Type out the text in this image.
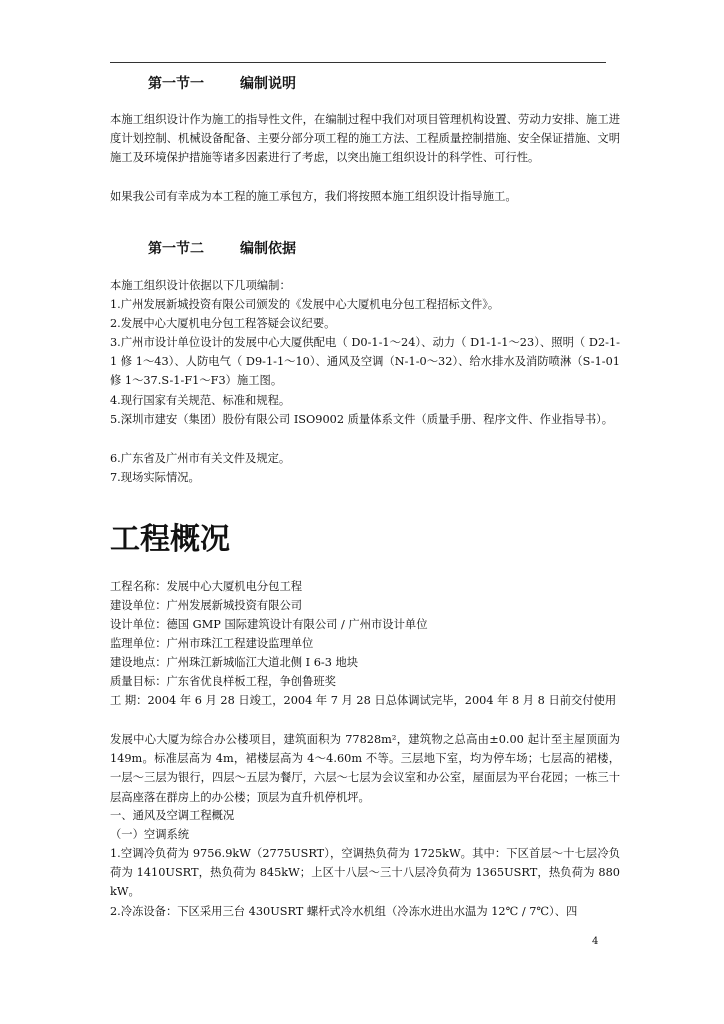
第一节一	编制说明
本施工组织设计作为施工的指导性文件，在编制过程中我们对项目管理机构设置、劳动力安排、施工进度计划控制、机械设备配备、主要分部分项工程的施工方法、工程质量控制措施、安全保证措施、文明施工及环境保护措施等诸多因素进行了考虑，以突出施工组织设计的科学性、可行性。
如果我公司有幸成为本工程的施工承包方，我们将按照本施工组织设计指导施工。
第一节二	编制依据
本施工组织设计依据以下几项编制：
1.广州发展新城投资有限公司颁发的《发展中心大厦机电分包工程招标文件》。
2.发展中心大厦机电分包工程答疑会议纪要。
3.广州市设计单位设计的发展中心大厦供配电（ D0-1-1～24）、动力（ D1-1-1～23）、照明（ D2-1-1 修 1～43）、人防电气（ D9-1-1～10）、通风及空调（N-1-0～32）、给水排水及消防喷淋（S-1-01 修 1～37.S-1-F1～F3）施工图。
4.现行国家有关规范、标准和规程。
5.深圳市建安（集团）股份有限公司 ISO9002 质量体系文件（质量手册、程序文件、作业指导书）。
6.广东省及广州市有关文件及规定。
7.现场实际情况。
工程概况
工程名称：发展中心大厦机电分包工程
建设单位：广州发展新城投资有限公司
设计单位：德国 GMP 国际建筑设计有限公司 / 广州市设计单位
监理单位：广州市珠江工程建设监理单位
建设地点：广州珠江新城临江大道北侧 Ⅰ 6-3 地块
质量目标：广东省优良样板工程，争创鲁班奖
工 期：2004 年 6 月 28 日竣工，2004 年 7 月 28 日总体调试完毕，2004 年 8 月 8 日前交付使用
发展中心大厦为综合办公楼项目，建筑面积为 77828m²，建筑物之总高由±0.00 起计至主屋顶面为 149m。标准层高为 4m，裙楼层高为 4～4.60m 不等。三层地下室，均为停车场；七层高的裙楼，一层～三层为银行，四层～五层为餐厅，六层～七层为会议室和办公室，屋面层为平台花园；一栋三十层高座落在群房上的办公楼；顶层为直升机停机坪。
一、通风及空调工程概况
（一）空调系统
1.空调冷负荷为 9756.9kW（2775USRT），空调热负荷为 1725kW。其中：下区首层～十七层冷负荷为 1410USRT，热负荷为 845kW；上区十八层～三十八层冷负荷为 1365USRT，热负荷为 880kW。
2.冷冻设备：下区采用三台 430USRT 螺杆式冷水机组（冷冻水进出水温为 12℃ / 7℃）、四
4
